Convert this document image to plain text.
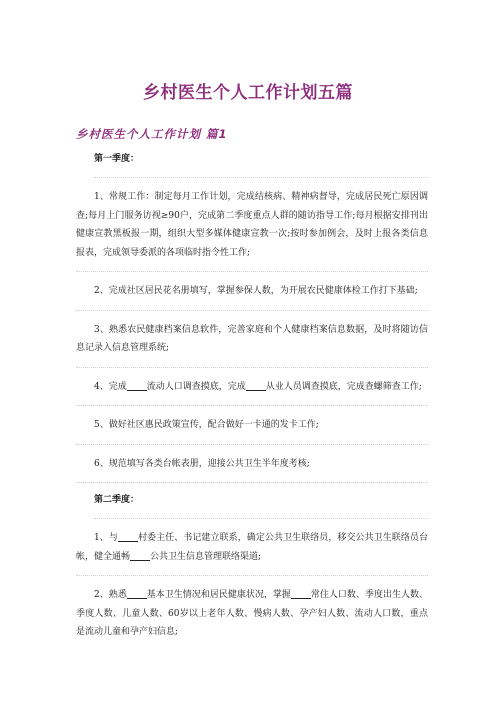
乡村医生个人工作计划五篇
乡村医生个人工作计划 篇1
第一季度：
1、常规工作：制定每月工作计划，完成结核病、精神病督导，完成居民死亡原因调查;每月上门服务访视≥90户，完成第二季度重点人群的随访指导工作;每月根据安排刊出健康宣教黑板报一期，组织大型多媒体健康宣教一次;按时参加例会，及时上报各类信息报表，完成领导委派的各项临时指令性工作;
2、完成社区居民花名册填写，掌握参保人数，为开展农民健康体检工作打下基础;
3、熟悉农民健康档案信息软件，完善家庭和个人健康档案信息数据，及时将随访信息记录入信息管理系统;
4、完成 流动人口调查摸底，完成 从业人员调查摸底，完成查螺筛查工作;
5、做好社区惠民政策宣传，配合做好一卡通的发卡工作;
6、规范填写各类台帐表册，迎接公共卫生半年度考核;
第二季度：
1、与 村委主任、书记建立联系，确定公共卫生联络员，移交公共卫生联络员台帐，健全通畅 公共卫生信息管理联络渠道;
2、熟悉 基本卫生情况和居民健康状况，掌握 常住人口数、季度出生人数、季度人数、儿童人数、60岁以上老年人数、慢病人数、孕产妇人数、流动人口数，重点是流动儿童和孕产妇信息;
